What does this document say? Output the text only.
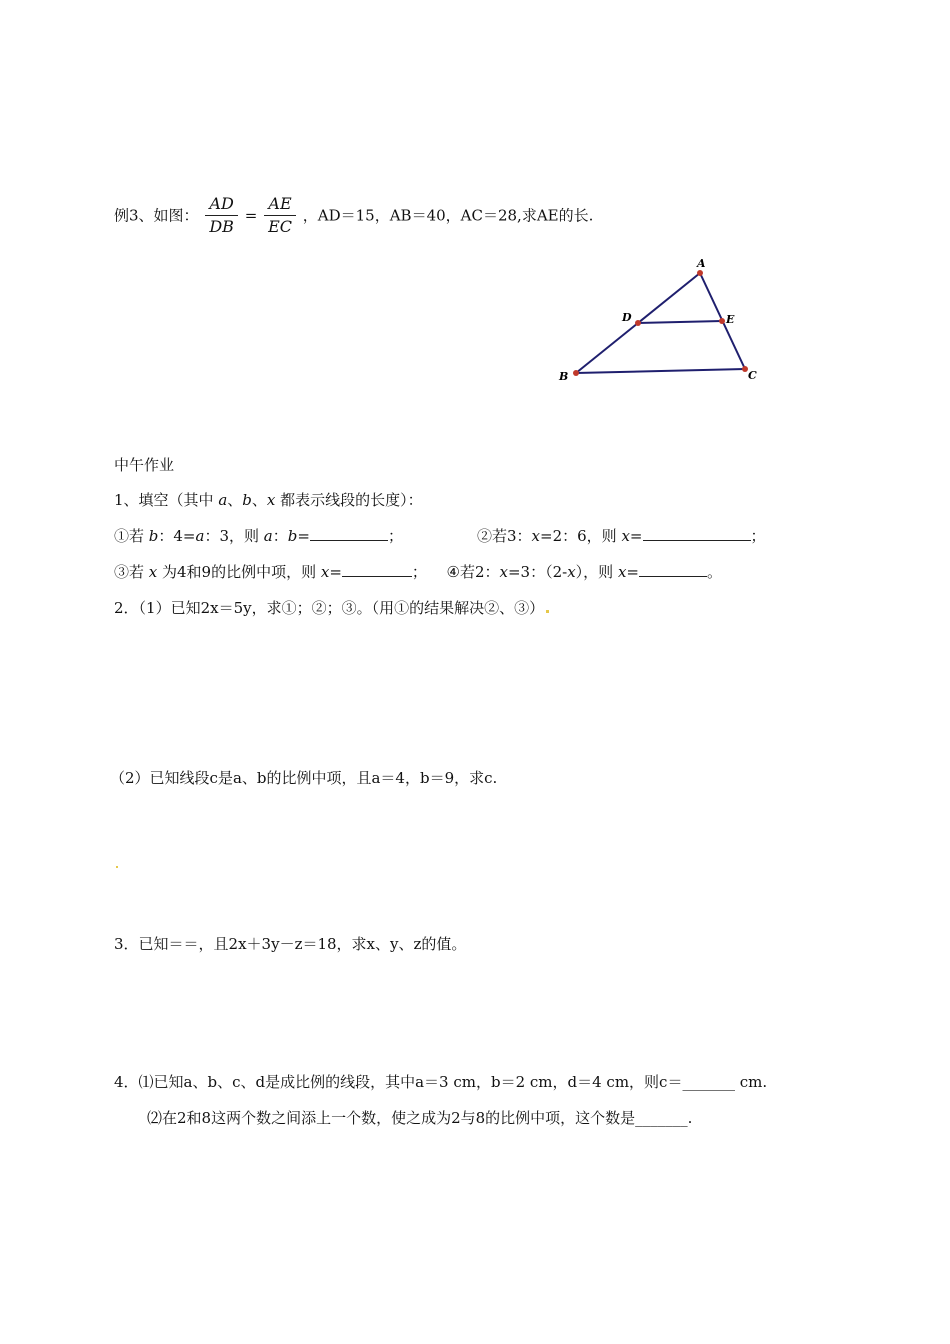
例3、如图： $\frac{AD}{DB} = \frac{AE}{EC}$ ，AD＝15，AB＝40，AC＝28,求AE的长.
A
B	C
D	E
中午作业
1、填空（其中 a、b、x 都表示线段的长度）：
①若 b：4=a：3，则 a：b=	；	②若3：x=2：6，则 x=	；
③若 x 为4和9的比例中项，则 x=	； ④若2：x=3：（2-x），则 x=	。
2．（1）已知2x＝5y，求①；②；③。（用①的结果解决②、③）
（2）已知线段c是a、b的比例中项，且a＝4，b＝9，求c.
3．已知＝＝，且2x＋3y－z＝18，求x、y、z的值。
4．⑴已知a、b、c、d是成比例的线段，其中a＝3 cm，b＝2 cm，d＝4 cm，则c＝_______ cm.
⑵在2和8这两个数之间添上一个数，使之成为2与8的比例中项，这个数是_______.
